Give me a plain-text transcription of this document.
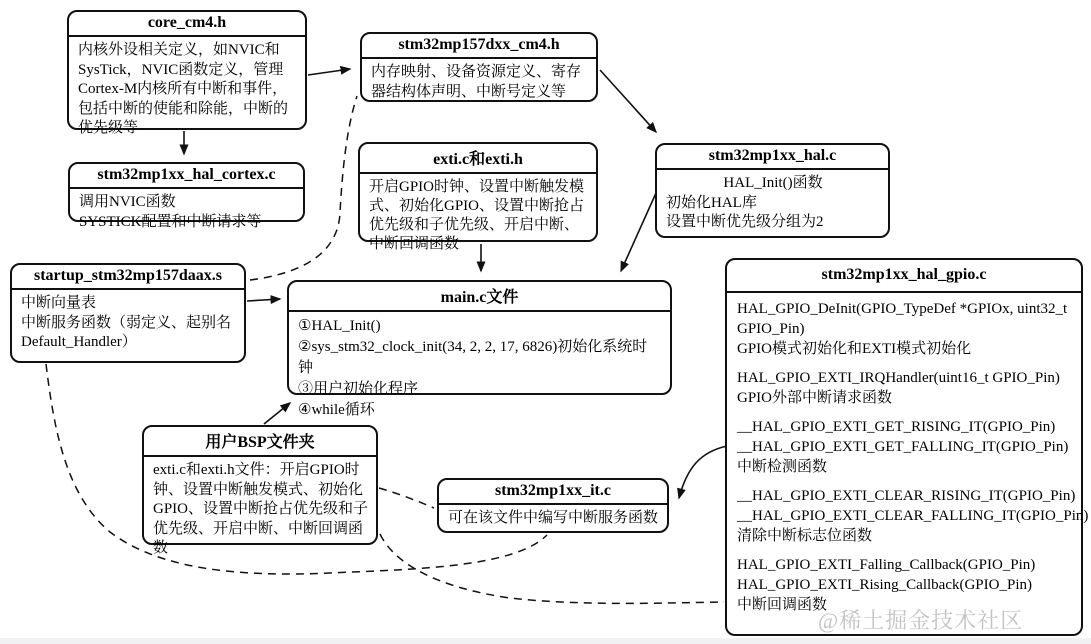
core_cm4.h
内核外设相关定义，如NVIC和SysTick，NVIC函数定义，管理Cortex-M内核所有中断和事件，包括中断的使能和除能，中断的优先级等
stm32mp157dxx_cm4.h
内存映射、设备资源定义、寄存器结构体声明、中断号定义等
exti.c和exti.h
开启GPIO时钟、设置中断触发模式、初始化GPIO、设置中断抢占优先级和子优先级、开启中断、中断回调函数
stm32mp1xx_hal.c
HAL_Init()函数
初始化HAL库
设置中断优先级分组为2
stm32mp1xx_hal_cortex.c
调用NVIC函数
SYSTICK配置和中断请求等
startup_stm32mp157daax.s
中断向量表
中断服务函数（弱定义、起别名 Default_Handler）
main.c文件
①HAL_Init()
②sys_stm32_clock_init(34, 2, 2, 17, 6826)初始化系统时钟
③用户初始化程序
④while循环
用户BSP文件夹
exti.c和exti.h文件：开启GPIO时钟、设置中断触发模式、初始化GPIO、设置中断抢占优先级和子优先级、开启中断、中断回调函数
stm32mp1xx_it.c
可在该文件中编写中断服务函数
stm32mp1xx_hal_gpio.c
HAL_GPIO_DeInit(GPIO_TypeDef *GPIOx, uint32_t GPIO_Pin)
GPIO模式初始化和EXTI模式初始化
HAL_GPIO_EXTI_IRQHandler(uint16_t GPIO_Pin)
GPIO外部中断请求函数
__HAL_GPIO_EXTI_GET_RISING_IT(GPIO_Pin)
__HAL_GPIO_EXTI_GET_FALLING_IT(GPIO_Pin)
中断检测函数
__HAL_GPIO_EXTI_CLEAR_RISING_IT(GPIO_Pin)
__HAL_GPIO_EXTI_CLEAR_FALLING_IT(GPIO_Pin)
清除中断标志位函数
HAL_GPIO_EXTI_Falling_Callback(GPIO_Pin)
HAL_GPIO_EXTI_Rising_Callback(GPIO_Pin)
中断回调函数
@稀土掘金技术社区
